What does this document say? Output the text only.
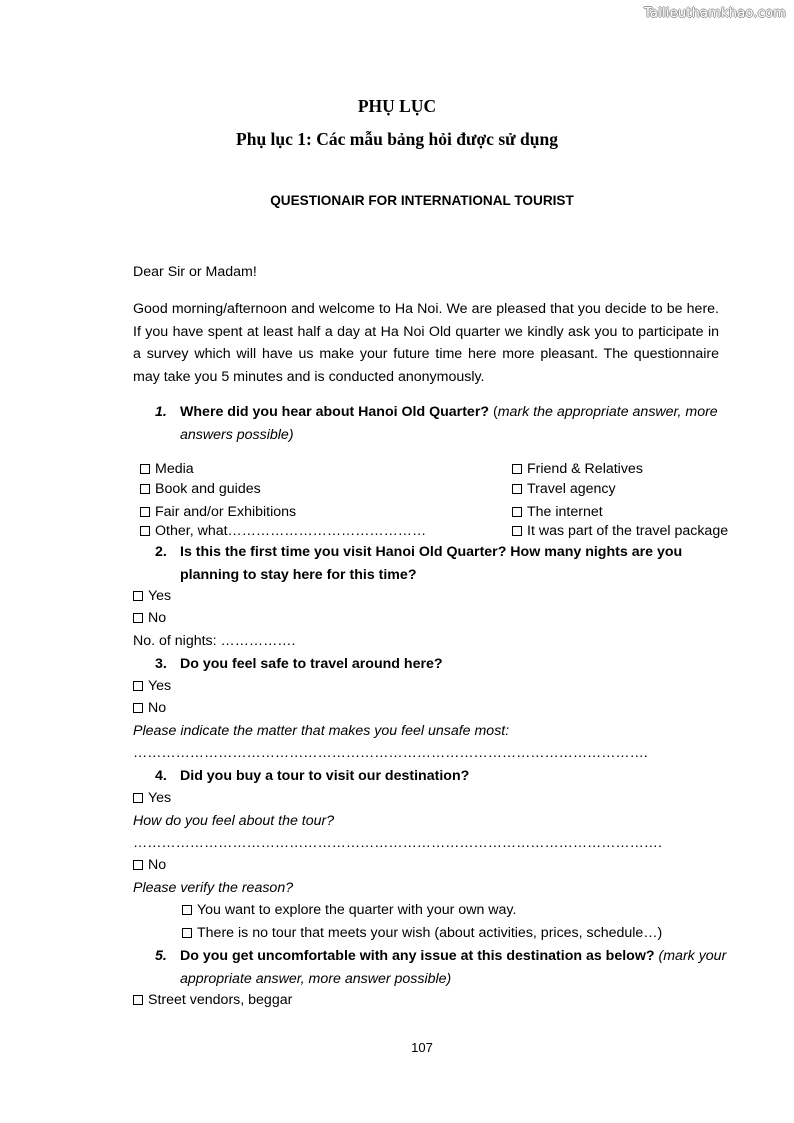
Tailieuthamkhao.com
PHỤ LỤC
Phụ lục 1: Các mẫu bảng hỏi được sử dụng
QUESTIONAIR FOR INTERNATIONAL TOURIST
Dear Sir or Madam!

Good morning/afternoon and welcome to Ha Noi. We are pleased that you decide to be here. If you have spent at least half a day at Ha Noi Old quarter we kindly ask you to participate in a survey which will have us make your future time here more pleasant. The questionnaire may take you 5 minutes and is conducted anonymously.

1. Where did you hear about Hanoi Old Quarter? (mark the appropriate answer, more answers possible)
Media
Book and guides
Fair and/or Exhibitions
Other, what……………………………………
Friend & Relatives
Travel agency
The internet
It was part of the travel package
2. Is this the first time you visit Hanoi Old Quarter? How many nights are you planning to stay here for this time?
Yes
No
No. of nights: …………….
3. Do you feel safe to travel around here?
Yes
No
Please indicate the matter that makes you feel unsafe most:
……………………………………………………………………………………………….
4. Did you buy a tour to visit our destination?
Yes
How do you feel about the tour?
………………………………………………………………………………………………….
No
Please verify the reason?
You want to explore the quarter with your own way.
There is no tour that meets your wish (about activities, prices, schedule…)
5. Do you get uncomfortable with any issue at this destination as below? (mark your appropriate answer, more answer possible)
Street vendors, beggar
107
